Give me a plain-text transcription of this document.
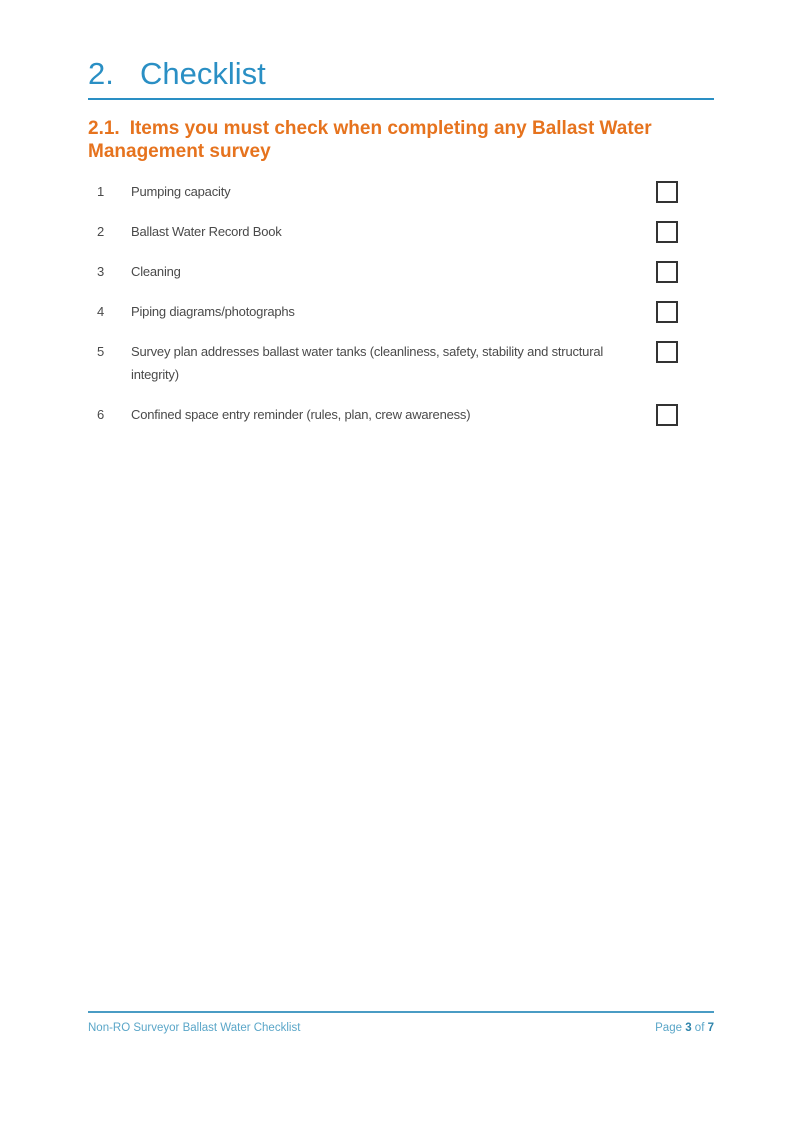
2. Checklist
2.1. Items you must check when completing any Ballast Water Management survey
1	Pumping capacity
2	Ballast Water Record Book
3	Cleaning
4	Piping diagrams/photographs
5	Survey plan addresses ballast water tanks (cleanliness, safety, stability and structural integrity)
6	Confined space entry reminder (rules, plan, crew awareness)
Non-RO Surveyor Ballast Water Checklist	Page 3 of 7
